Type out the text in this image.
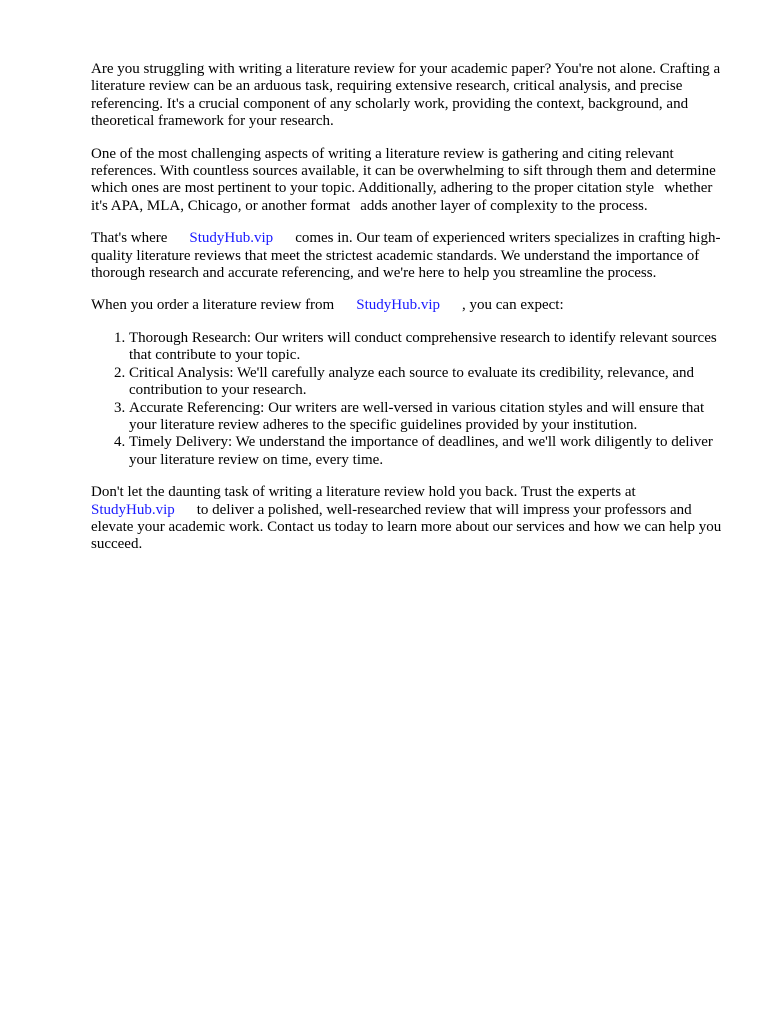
Are you struggling with writing a literature review for your academic paper? You're not alone. Crafting a literature review can be an arduous task, requiring extensive research, critical analysis, and precise referencing. It's a crucial component of any scholarly work, providing the context, background, and theoretical framework for your research.

One of the most challenging aspects of writing a literature review is gathering and citing relevant references. With countless sources available, it can be overwhelming to sift through them and determine which ones are most pertinent to your topic. Additionally, adhering to the proper citation style whether it's APA, MLA, Chicago, or another format adds another layer of complexity to the process.

That's where StudyHub.vip comes in. Our team of experienced writers specializes in crafting high-quality literature reviews that meet the strictest academic standards. We understand the importance of thorough research and accurate referencing, and we're here to help you streamline the process.

When you order a literature review from StudyHub.vip , you can expect:

1. Thorough Research: Our writers will conduct comprehensive research to identify relevant sources that contribute to your topic.
2. Critical Analysis: We'll carefully analyze each source to evaluate its credibility, relevance, and contribution to your research.
3. Accurate Referencing: Our writers are well-versed in various citation styles and will ensure that your literature review adheres to the specific guidelines provided by your institution.
4. Timely Delivery: We understand the importance of deadlines, and we'll work diligently to deliver your literature review on time, every time.

Don't let the daunting task of writing a literature review hold you back. Trust the experts at
StudyHub.vip to deliver a polished, well-researched review that will impress your professors and elevate your academic work. Contact us today to learn more about our services and how we can help you succeed.
